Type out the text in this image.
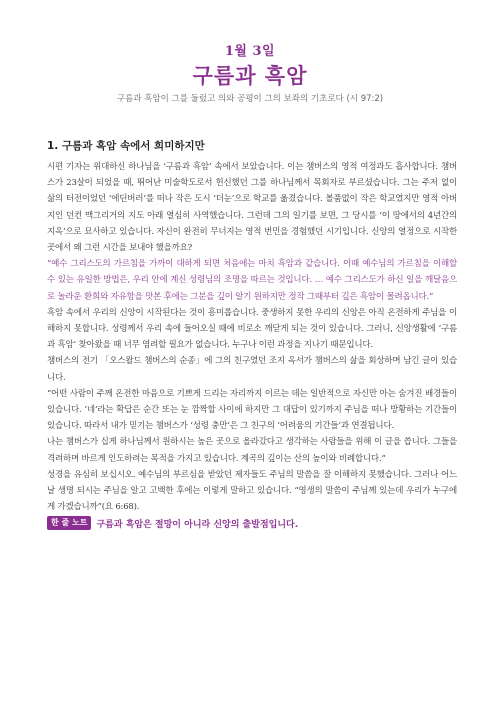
1월 3일
구름과 흑암
구름과 흑암이 그를 둘렀고 의와 공평이 그의 보좌의 기초로다 (시 97:2)
1. 구름과 흑암 속에서 희미하지만

시편 기자는 위대하신 하나님을 ‘구름과 흑암’ 속에서 보았습니다. 이는 챔버스의 영적 여정과도 흡사합니다. 챔버스가 23살이 되었을 때, 뛰어난 미술학도로서 헌신했던 그를 하나님께서 목회자로 부르셨습니다. 그는 주저 없이 삶의 터전이었던 ‘에딘버러’를 떠나 작은 도시 ‘더눈’으로 학교를 옮겼습니다. 볼품없이 작은 학교였지만 영적 아버지인 던컨 맥그리거의 지도 아래 열심히 사역했습니다. 그런데 그의 일기를 보면, 그 당시를 ‘이 땅에서의 4년간의 지옥’으로 묘사하고 있습니다. 자신이 완전히 무너지는 영적 번민을 경험했던 시기입니다. 신앙의 열정으로 시작한 곳에서 왜 그런 시간을 보내야 했을까요?

“예수 그리스도의 가르침을 가까이 대하게 되면 처음에는 마치 흑암과 같습니다. 이때 예수님의 가르침을 이해할 수 있는 유일한 방법은, 우리 안에 계신 성령님의 조명을 따르는 것입니다. … 예수 그리스도가 하신 일을 깨달음으로 놀라운 환희와 자유함을 맛본 후에는 그분을 깊이 알기 원하지만 정작 그때부터 깊은 흑암이 몰려옵니다.”

흑암 속에서 우리의 신앙이 시작된다는 것이 흥미롭습니다. 중생하지 못한 우리의 신앙은 아직 온전하게 주님을 이해하지 못합니다. 성령께서 우리 속에 들어오실 때에 비로소 깨닫게 되는 것이 있습니다. 그러니, 신앙생활에 ‘구름과 흑암’ 찾아왔을 때 너무 염려할 필요가 없습니다. 누구나 이런 과정을 지나기 때문입니다.

챔버스의 전기 「오스왈드 챔버스의 순종」에 그의 친구였던 조지 옥서가 챔버스의 삶을 회상하며 남긴 글이 있습니다.

“어떤 사람이 주께 온전한 마음으로 기쁘게 드리는 자리까지 이르는 데는 일반적으로 자신만 아는 숨겨진 배경들이 있습니다. ‘네’라는 확답은 순간 또는 눈 깜짝할 사이에 하지만 그 대답이 있기까지 주님을 떠나 방황하는 기간들이 있습니다. 따라서 내가 믿기는 챔버스가 ‘성령 충만’은 그 친구의 ‘어려움의 기간들’과 연결됩니다.

나는 챔버스가 십게 하나님께서 원하시는 높은 곳으로 올라갔다고 생각하는 사람들을 위해 이 글을 씁니다. 그들을 격려하며 바르게 인도하려는 목적을 가지고 있습니다. 계곡의 깊이는 산의 높이와 비례합니다.”

성경을 유심히 보십시오. 예수님의 부르심을 받았던 제자들도 주님의 말씀을 잘 이해하지 못했습니다. 그러나 어느 날 생명 되시는 주님을 알고 고백한 후에는 이렇게 말하고 있습니다. “영생의 말씀이 주님께 있는데 우리가 누구에게 가겠습니까”(요 6:68).

한 줄 노트	구름과 흑암은 절망이 아니라 신앙의 출발점입니다.
